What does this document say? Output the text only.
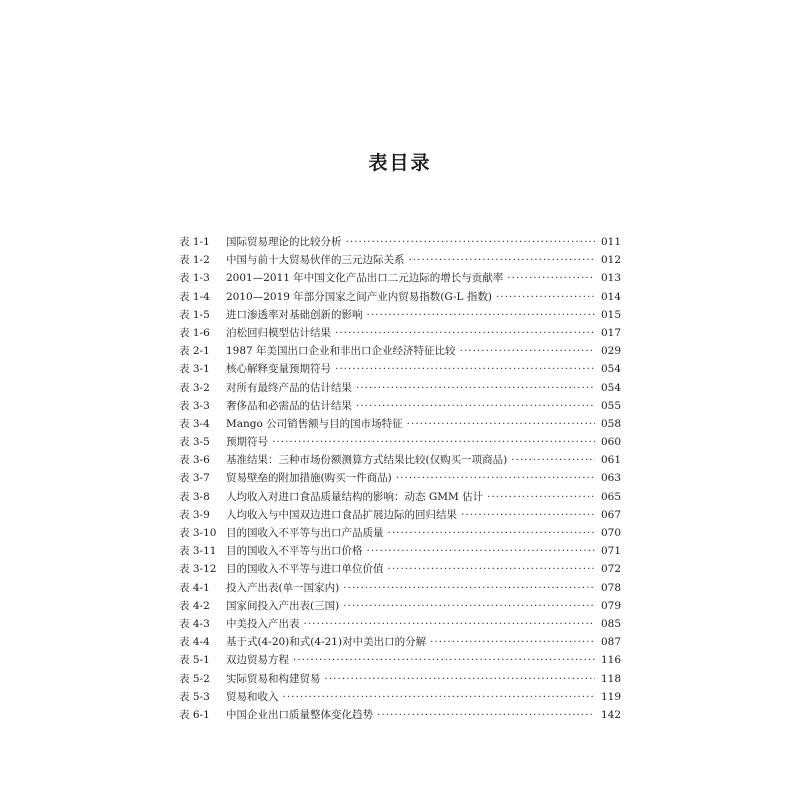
表目录
表 1-1	国际贸易理论的比较分析 ·····	011
表 1-2	中国与前十大贸易伙伴的三元边际关系 ·····	012
表 1-3	2001—2011 年中国文化产品出口二元边际的增长与贡献率 ·····	013
表 1-4	2010—2019 年部分国家之间产业内贸易指数(G-L 指数) ·····	014
表 1-5	进口渗透率对基础创新的影响 ·····	015
表 1-6	泊松回归模型估计结果 ·····	017
表 2-1	1987 年美国出口企业和非出口企业经济特征比较 ·····	029
表 3-1	核心解释变量预期符号 ·····	054
表 3-2	对所有最终产品的估计结果 ·····	054
表 3-3	奢侈品和必需品的估计结果 ·····	055
表 3-4	Mango 公司销售额与目的国市场特征 ·····	058
表 3-5	预期符号 ·····	060
表 3-6	基准结果：三种市场份额测算方式结果比较(仅购买一项商品) ·····	061
表 3-7	贸易壁垒的附加措施(购买一件商品) ·····	063
表 3-8	人均收入对进口食品质量结构的影响：动态 GMM 估计 ·····	065
表 3-9	人均收入与中国双边进口食品扩展边际的回归结果 ·····	067
表 3-10 目的国收入不平等与出口产品质量 ·····	070
表 3-11 目的国收入不平等与出口价格 ·····	071
表 3-12 目的国收入不平等与进口单位价值 ·····	072
表 4-1	投入产出表(单一国家内) ·····	078
表 4-2	国家间投入产出表(三国) ·····	079
表 4-3	中美投入产出表 ·····	085
表 4-4	基于式(4-20)和式(4-21)对中美出口的分解 ·····	087
表 5-1	双边贸易方程 ·····	116
表 5-2	实际贸易和构建贸易 ·····	118
表 5-3	贸易和收入 ·····	119
表 6-1	中国企业出口质量整体变化趋势 ·····	142
